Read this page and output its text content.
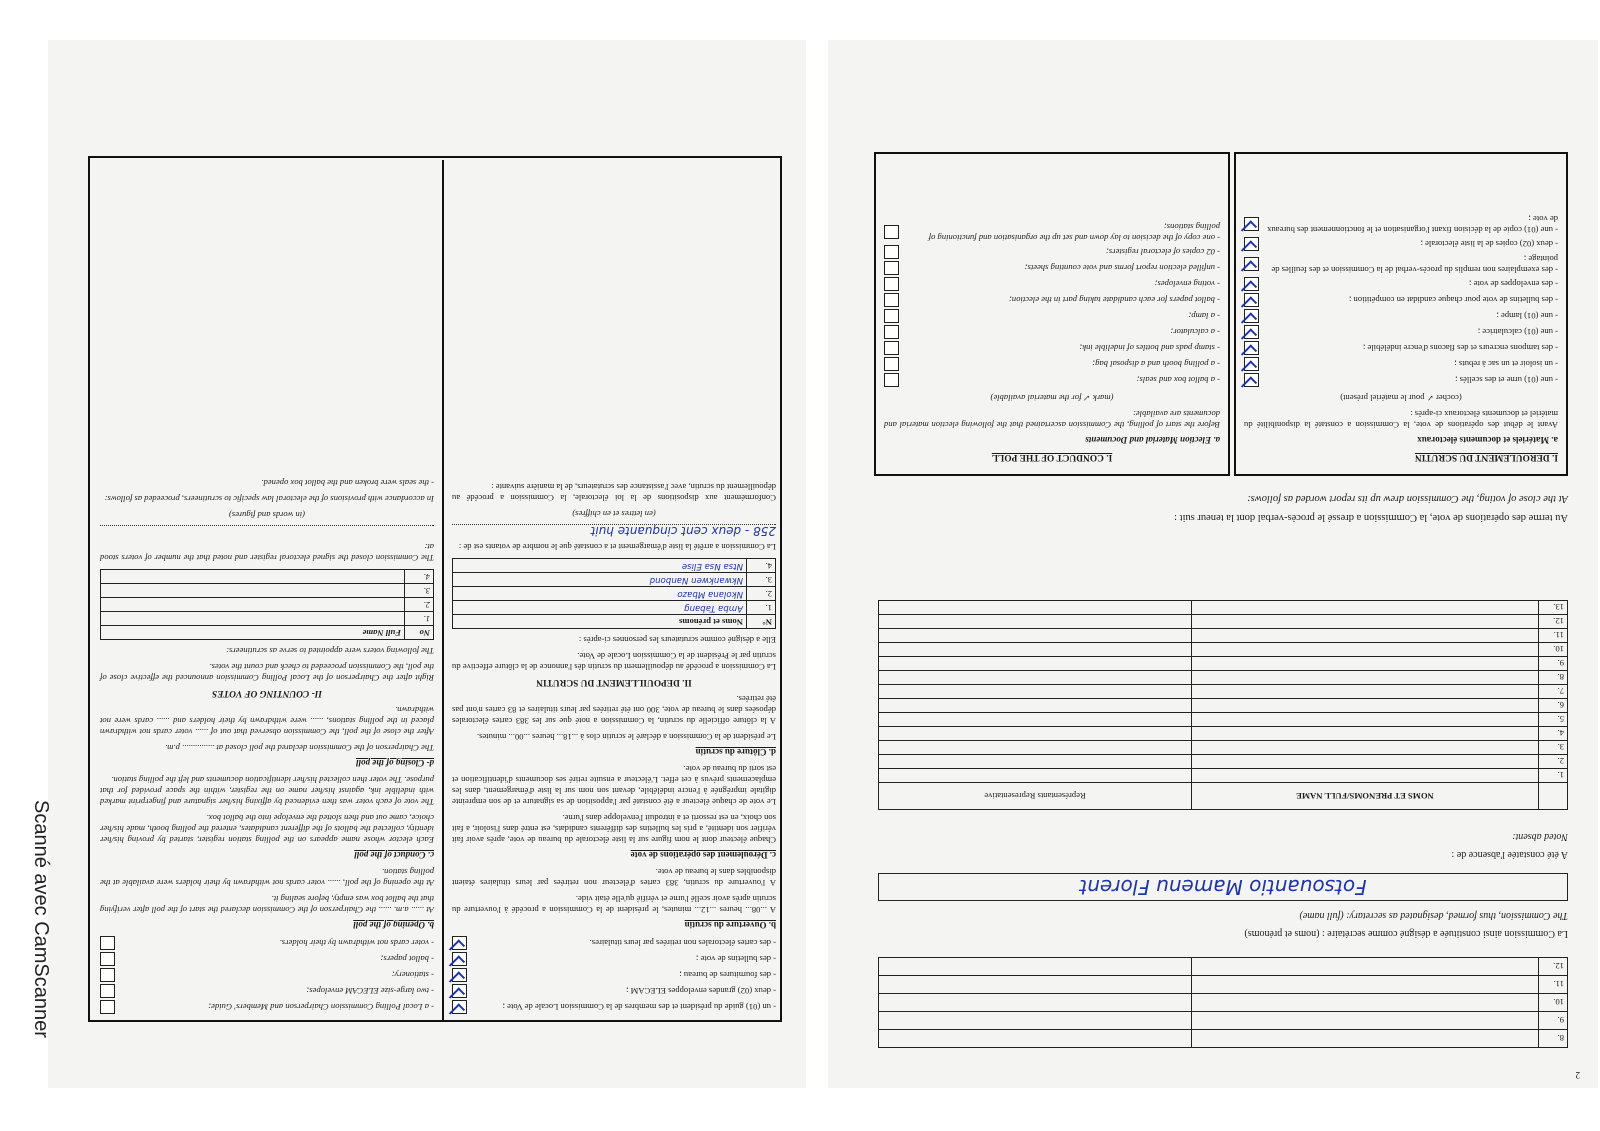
- un (01) guide du président et des membres de la Commission Locale de Vote ;
- deux (02) grandes enveloppes ELECAM ;
- des fournitures de bureau ;
- des bulletins de vote ;
- des cartes électorales non retirées par leurs titulaires.
b. Ouverture du scrutin

A ...08... heures ...12... minutes, le président de la Commission a procédé à l'ouverture du scrutin après avoir scellé l'urne et vérifié qu'elle était vide.

A l'ouverture du scrutin, 383 cartes d'électeur non retirées par leurs titulaires étaient disponibles dans le bureau de vote.

c. Déroulement des opérations de vote

Chaque électeur dont le nom figure sur la liste électorale du bureau de vote, après avoir fait vérifier son identité, a pris les bulletins des différents candidats, est entré dans l'isoloir, a fait son choix, en est ressorti et a introduit l'enveloppe dans l'urne.

Le vote de chaque électeur a été constaté par l'apposition de sa signature et de son empreinte digitale imprégnée à l'encre indélébile, devant son nom sur la liste d'émargement, dans les emplacements prévus à cet effet. L'électeur a ensuite retiré ses documents d'identification et est sorti du bureau de vote.

d. Clôture du scrutin

Le président de la Commission a déclaré le scrutin clos à ...18... heures ...00... minutes.

A la clôture officielle du scrutin, la Commission a noté que sur les 383 cartes électorales déposées dans le bureau de vote, 300 ont été retirées par leurs titulaires et 83 cartes n'ont pas été retirées.

II. DEPOUILLEMENT DU SCRUTIN

La Commission a procédé au dépouillement du scrutin dès l'annonce de la clôture effective du scrutin par le Président de la Commission Locale de Vote.

Elle a désigné comme scrutateurs les personnes ci-après :

N°	Noms et prénoms
1.	Amba Tabang
2.	Nkolana Mbazo
3.	Nkwankwen Nanbond
4.	Ntsa Nsa Elise

La Commission a arrêté la liste d'émargement et a constaté que le nombre de votants est de :

258 - deux cent cinquante huit

(en lettres et en chiffres)

Conformément aux dispositions de la loi électorale, la Commission a procédé au dépouillement du scrutin, avec l'assistance des scrutateurs, de la manière suivante :

- a Local Polling Commission Chairperson and Members' Guide;
- two large-size ELECAM envelopes;
- stationery;
- ballot papers;
- voter cards not withdrawn by their holders.
b. Opening of the poll

At ...... a.m. ...... the Chairperson of the Commission declared the start of the poll after verifying that the ballot box was empty, before sealing it.

At the opening of the poll, ...... voter cards not withdrawn by their holders were available at the polling station.

c. Conduct of the poll

Each elector whose name appears on the polling station register, started by proving his/her identity, collected the ballots of the different candidates, entered the polling booth, made his/her choice, came out and then slotted the envelope into the ballot box.

The vote of each voter was then evidenced by affixing his/her signature and fingerprint marked with indelible ink, against his/her name on the register, within the space provided for that purpose. The voter then collected his/her identification documents and left the polling station.

d- Closing of the poll

The Chairperson of the Commission declared the poll closed at ............... p.m.

After the close of the poll, the Commission observed that out of ...... voter cards not withdrawn placed in the polling stations, ...... were withdrawn by their holders and ...... cards were not withdrawn.

II- COUNTING OF VOTES

Right after the Chairperson of the Local Polling Commission announced the effective close of the poll, the Commission proceeded to check and count the votes.

The following voters were appointed to serve as scrutineers:

No	Full Name
1.	
2.	
3.	
4.	

The Commission closed the signed electoral register and noted that the number of voters stood at:

(in words and figures)

In accordance with provisions of the electoral law specific to scrutineers, proceeded as follows:

- the seals were broken and the ballot box opened.

2
8.		
9.		
10.		
11.		
12.		

La Commission ainsi constituée a désigné comme secrétaire : (noms et prénoms)

The Commission, thus formed, designated as secretary: (full name)

Fotsouantio Mamenu Florent

A été constatée l'absence de :

Noted absent:

	NOMS ET PRENOMS/FULL NAME	Représentants Representative
1.		
2.		
3.		
4.		
5.		
6.		
7.		
8.		
9.		
10.		
11.		
12.		
13.		

Au terme des opérations de vote, la Commission a dressé le procès-verbal dont la teneur suit :

At the close of voting, the Commission drew up its report worded as follows:

I. DEROULEMENT DU SCRUTIN
a. Matériels et documents électoraux

Avant le début des opérations de vote, la Commission a constaté la disponibilité du matériel et documents électoraux ci-après :

(cocher ✓ pour le matériel présent)

- une (01) urne et des scellés ;
- un isoloir et un sac à rebuts ;
- des tampons encreurs et des flacons d'encre indélébile ;
- une (01) calculatrice ;
- une (01) lampe ;
- des bulletins de vote pour chaque candidat en compétition ;
- des enveloppes de vote ;
- des exemplaires non remplis du procès-verbal de la Commission et des feuilles de pointage ;
- deux (02) copies de la liste électorale ;
- une (01) copie de la décision fixant l'organisation et le fonctionnement des bureaux de vote ;
I. CONDUCT OF THE POLL
a. Election Material and Documents

Before the start of polling, the Commission ascertained that the following election material and documents are available:

(mark ✓ for the material available)

- a ballot box and seals;
- a polling booth and a disposal bag;
- stamp pads and bottles of indelible ink;
- a calculator;
- a lamp;
- ballot papers for each candidate taking part in the election;
- voting envelopes;
- unfilled election report forms and vote counting sheets;
- 02 copies of electoral registers;
- one copy of the decision to lay down and set up the organisation and functioning of polling stations;
Scanné avec CamScanner
